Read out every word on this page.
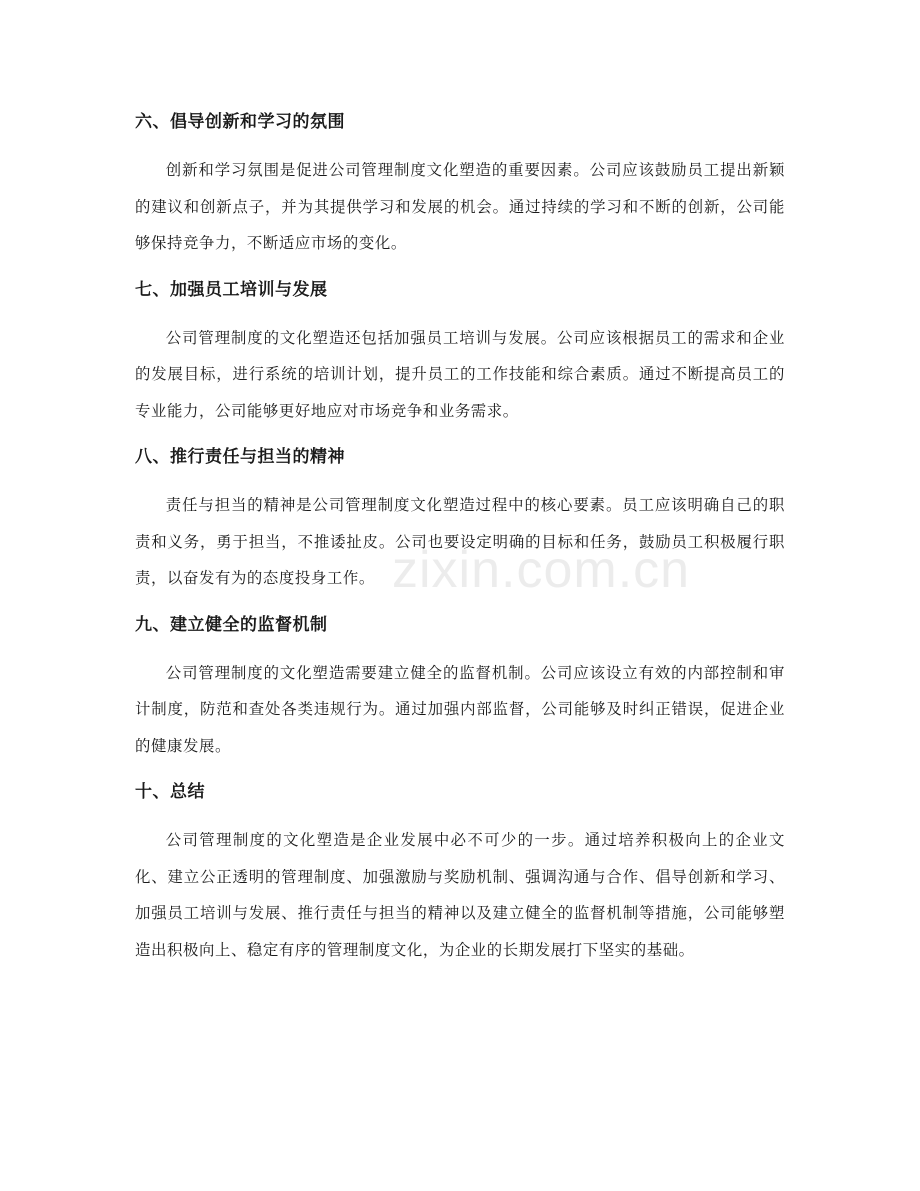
六、倡导创新和学习的氛围

创新和学习氛围是促进公司管理制度文化塑造的重要因素。公司应该鼓励员工提出新颖的建议和创新点子，并为其提供学习和发展的机会。通过持续的学习和不断的创新，公司能够保持竞争力，不断适应市场的变化。

七、加强员工培训与发展

公司管理制度的文化塑造还包括加强员工培训与发展。公司应该根据员工的需求和企业的发展目标，进行系统的培训计划，提升员工的工作技能和综合素质。通过不断提高员工的专业能力，公司能够更好地应对市场竞争和业务需求。

八、推行责任与担当的精神

责任与担当的精神是公司管理制度文化塑造过程中的核心要素。员工应该明确自己的职责和义务，勇于担当，不推诿扯皮。公司也要设定明确的目标和任务，鼓励员工积极履行职责，以奋发有为的态度投身工作。

九、建立健全的监督机制

公司管理制度的文化塑造需要建立健全的监督机制。公司应该设立有效的内部控制和审计制度，防范和查处各类违规行为。通过加强内部监督，公司能够及时纠正错误，促进企业的健康发展。

十、总结

公司管理制度的文化塑造是企业发展中必不可少的一步。通过培养积极向上的企业文化、建立公正透明的管理制度、加强激励与奖励机制、强调沟通与合作、倡导创新和学习、加强员工培训与发展、推行责任与担当的精神以及建立健全的监督机制等措施，公司能够塑造出积极向上、稳定有序的管理制度文化，为企业的长期发展打下坚实的基础。

zixin.com.cn
